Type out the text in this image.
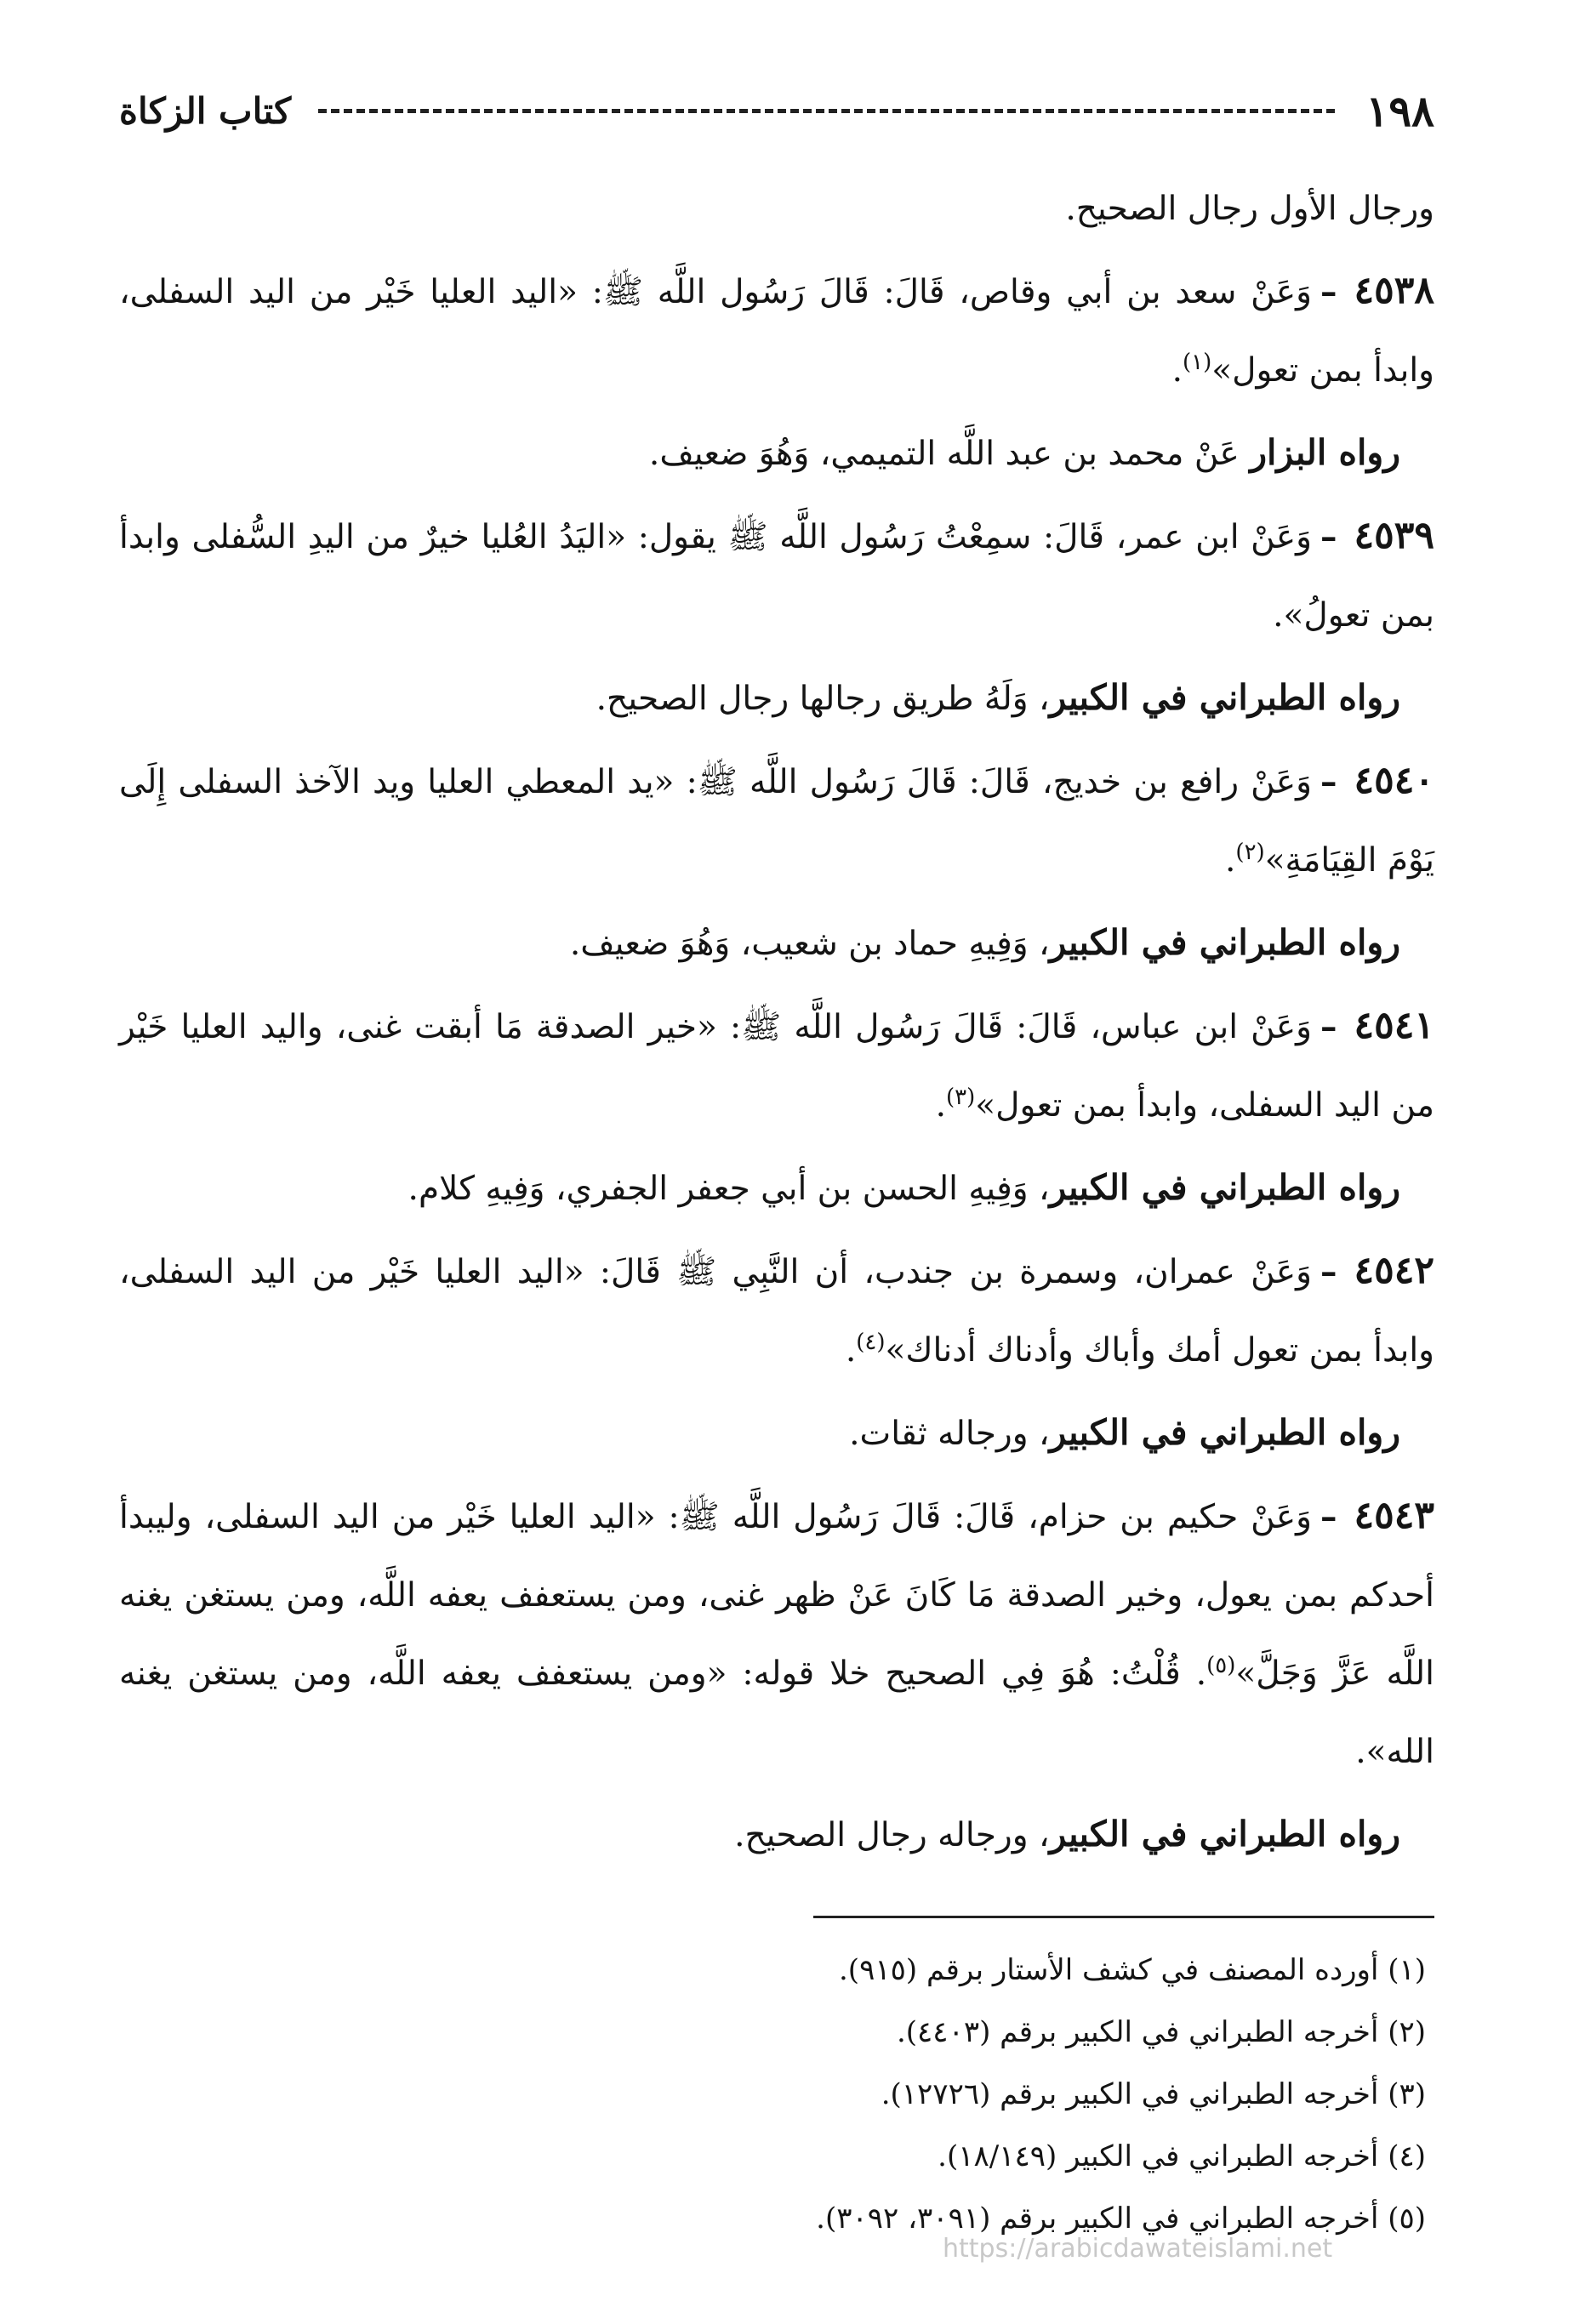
١٩٨
كتاب الزكاة

ورجال الأول رجال الصحيح.

٤٥٣٨–وَعَنْ سعد بن أبي وقاص، قَالَ: قَالَ رَسُول اللَّه ﷺ: «اليد العليا خَيْر من اليد السفلى، وابدأ بمن تعول»$^{(١)}$.

رواه البزار عَنْ محمد بن عبد اللَّه التميمي، وَهُوَ ضعيف.

٤٥٣٩–وَعَنْ ابن عمر، قَالَ: سمِعْتُ رَسُول اللَّه ﷺ يقول: «اليَدُ العُليا خيرٌ من اليدِ السُّفلى وابدأ بمن تعولُ».

رواه الطبراني في الكبير، وَلَهُ طريق رجالها رجال الصحيح.

٤٥٤٠–وَعَنْ رافع بن خديج، قَالَ: قَالَ رَسُول اللَّه ﷺ: «يد المعطي العليا ويد الآخذ السفلى إِلَى يَوْمَ القِيَامَةِ»$^{(٢)}$.

رواه الطبراني في الكبير، وَفِيهِ حماد بن شعيب، وَهُوَ ضعيف.

٤٥٤١–وَعَنْ ابن عباس، قَالَ: قَالَ رَسُول اللَّه ﷺ: «خير الصدقة مَا أبقت غنى، واليد العليا خَيْر من اليد السفلى، وابدأ بمن تعول»$^{(٣)}$.

رواه الطبراني في الكبير، وَفِيهِ الحسن بن أبي جعفر الجفري، وَفِيهِ كلام.

٤٥٤٢–وَعَنْ عمران، وسمرة بن جندب، أن النَّبِي ﷺ قَالَ: «اليد العليا خَيْر من اليد السفلى، وابدأ بمن تعول أمك وأباك وأدناك أدناك»$^{(٤)}$.

رواه الطبراني في الكبير، ورجاله ثقات.

٤٥٤٣–وَعَنْ حكيم بن حزام، قَالَ: قَالَ رَسُول اللَّه ﷺ: «اليد العليا خَيْر من اليد السفلى، وليبدأ أحدكم بمن يعول، وخير الصدقة مَا كَانَ عَنْ ظهر غنى، ومن يستعفف يعفه اللَّه، ومن يستغن يغنه اللَّه عَزَّ وَجَلَّ»$^{(٥)}$. قُلْتُ: هُوَ فِي الصحيح خلا قوله: «ومن يستعفف يعفه اللَّه، ومن يستغن يغنه الله».

رواه الطبراني في الكبير، ورجاله رجال الصحيح.

(١) أورده المصنف في كشف الأستار برقم (٩١٥).

(٢) أخرجه الطبراني في الكبير برقم (٤٤٠٣).

(٣) أخرجه الطبراني في الكبير برقم (١٢٧٢٦).

(٤) أخرجه الطبراني في الكبير (١٨/١٤٩).

(٥) أخرجه الطبراني في الكبير برقم (٣٠٩١، ٣٠٩٢).

https://arabicdawateislami.net
